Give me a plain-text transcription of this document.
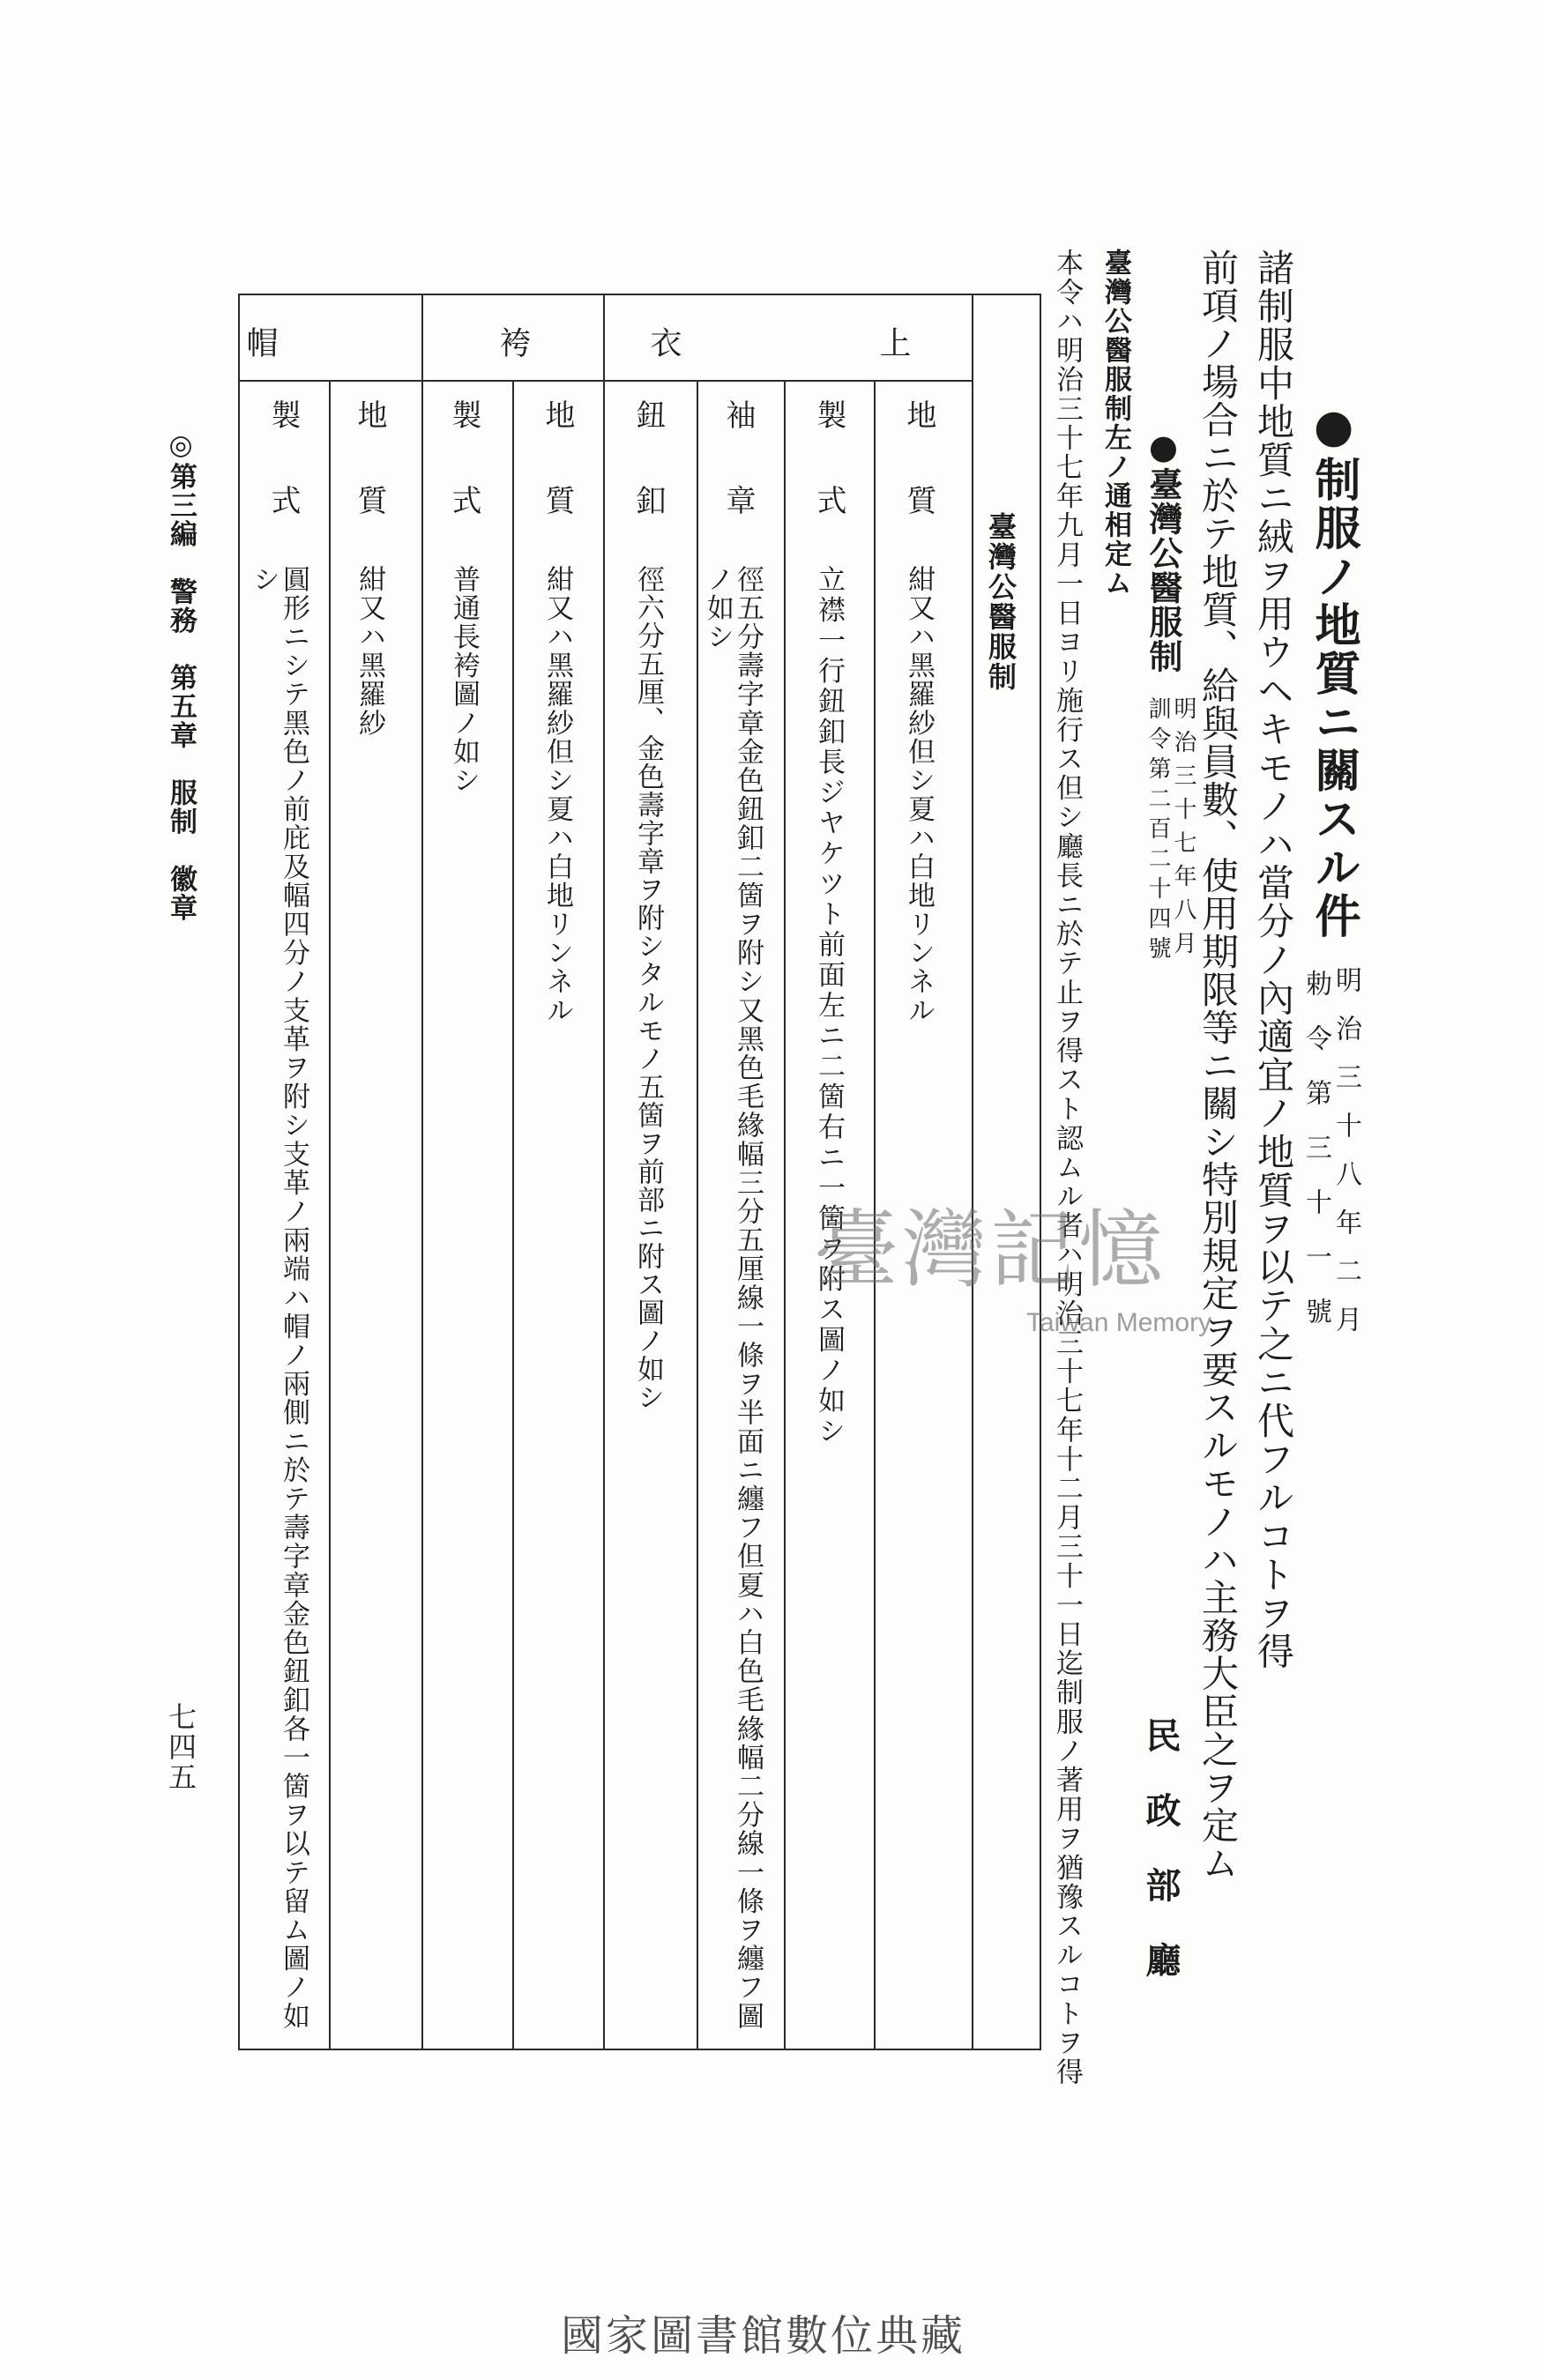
●制服ノ地質ニ關スル件
明治三十八年二月
勅令第三十一號
諸制服中地質ニ絨ヲ用ウヘキモノハ當分ノ內適宜ノ地質ヲ以テ之ニ代フルコトヲ得
前項ノ場合ニ於テ地質、給與員數、使用期限等ニ關シ特別規定ヲ要スルモノハ主務大臣之ヲ定ム
●臺灣公醫服制
明治三十七年八月
訓令第二百二十四號
民政部廳
臺灣公醫服制左ノ通相定ム
本令ハ明治三十七年九月一日ヨリ施行ス但シ廳長ニ於テ止ヲ得スト認ムル者ハ明治三十七年十二月三十一日迄制服ノ著用ヲ猶豫スルコトヲ得
臺灣公醫服制
上衣
袴
帽
地質
製式
袖章
鈕釦
地質
製式
地質
製式
紺又ハ黑羅紗但シ夏ハ白地リンネル
立襟一行鈕釦長ジヤケツト前面左ニ二箇右ニ一箇ヲ附ス圖ノ如シ
徑五分壽字章金色鈕釦二箇ヲ附シ又黑色毛緣幅三分五厘線一條ヲ半面ニ纏フ但夏ハ白色毛緣幅二分線一條ヲ纏フ圖
ノ如シ
徑六分五厘、金色壽字章ヲ附シタルモノ五箇ヲ前部ニ附ス圖ノ如シ
紺又ハ黑羅紗但シ夏ハ白地リンネル
普通長袴圖ノ如シ
紺又ハ黑羅紗
圓形ニシテ黑色ノ前庇及幅四分ノ支革ヲ附シ支革ノ兩端ハ帽ノ兩側ニ於テ壽字章金色鈕釦各一箇ヲ以テ留ム圖ノ如
シ
◎第三編　警務　第五章　服制　徽章
七四五
國家圖書館數位典藏
臺灣記憶
Taiwan Memory
